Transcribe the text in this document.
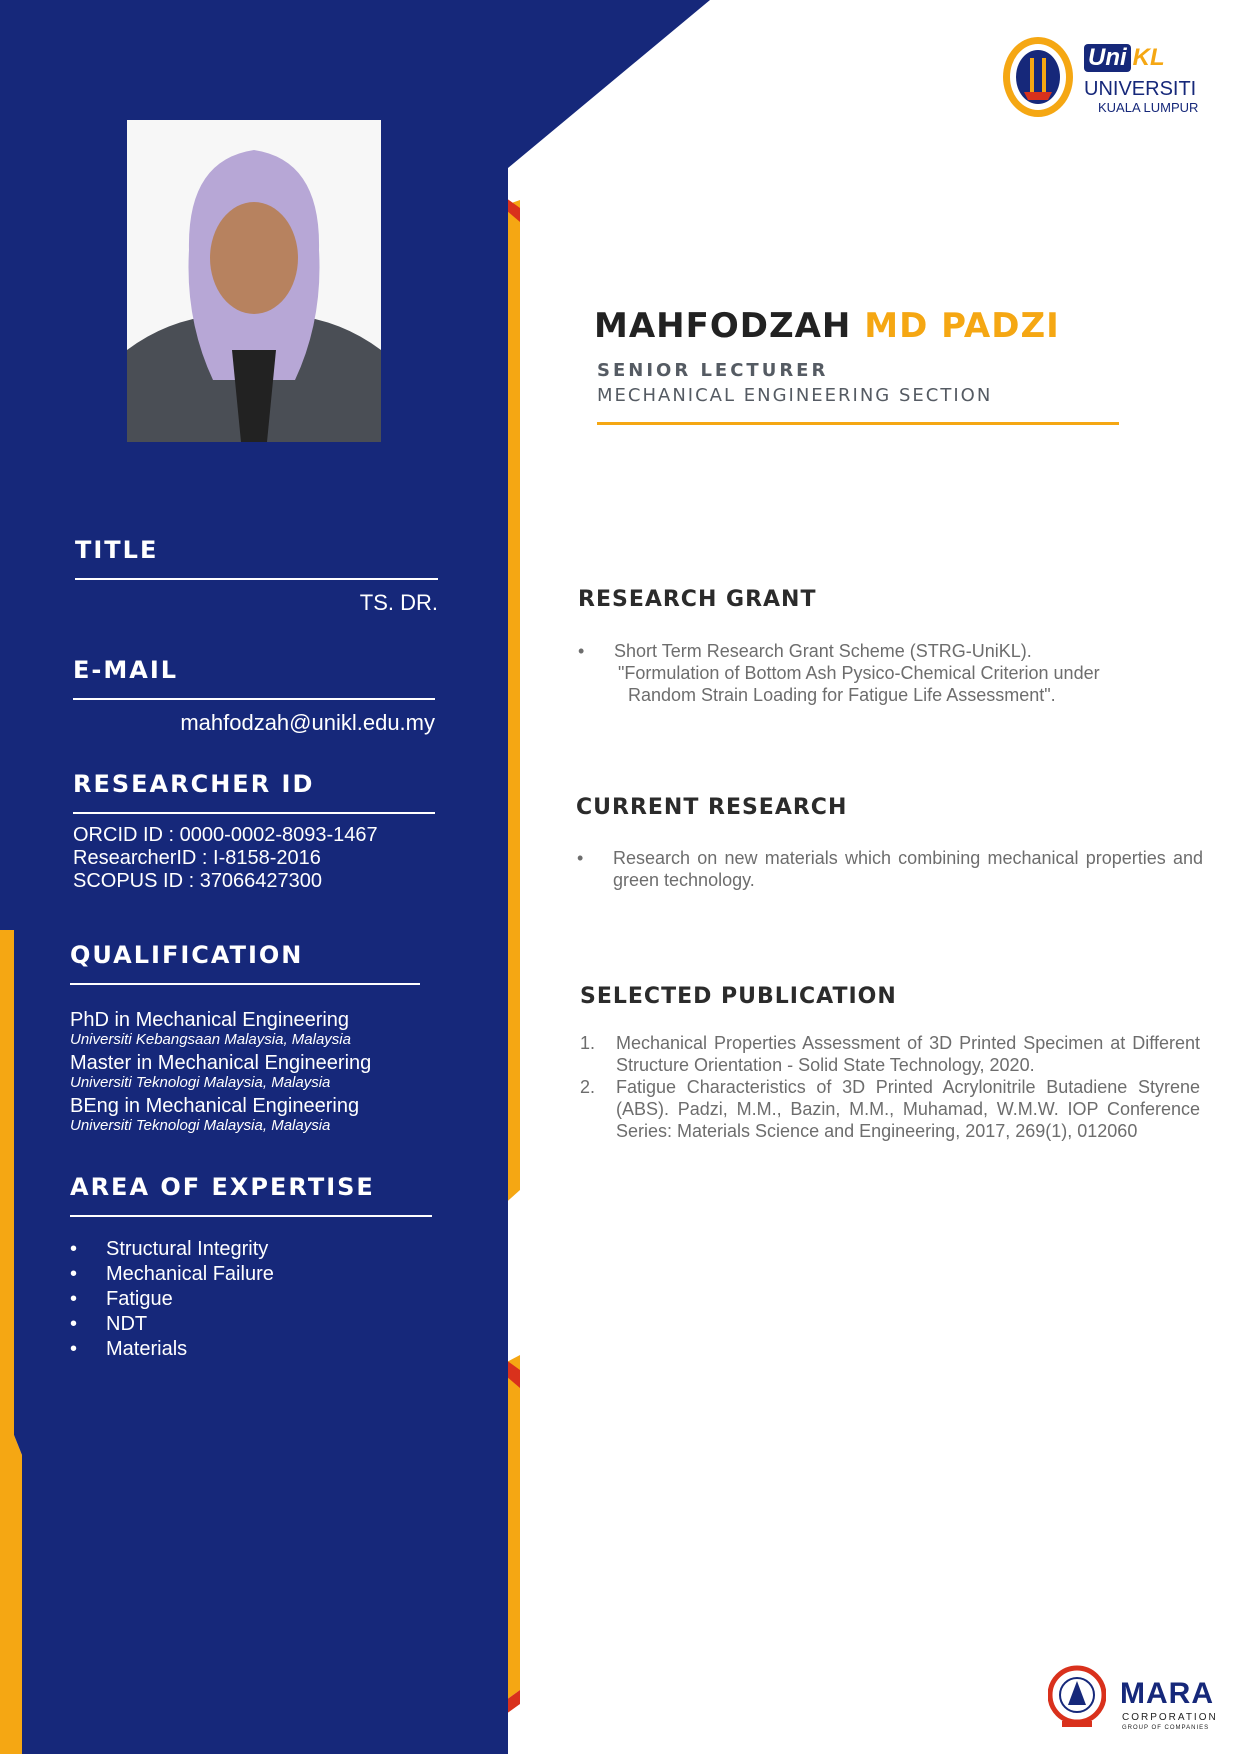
Uni KL
UNIVERSITI
KUALA LUMPUR
MAHFODZAH MD PADZI
SENIOR LECTURER
MECHANICAL ENGINEERING SECTION
TITLE
TS. DR.
E-MAIL
mahfodzah@unikl.edu.my
RESEARCHER ID
ORCID ID : 0000-0002-8093-1467
ResearcherID : I-8158-2016
SCOPUS ID : 37066427300
QUALIFICATION
PhD in Mechanical Engineering
Universiti Kebangsaan Malaysia, Malaysia
Master in Mechanical Engineering
Universiti Teknologi Malaysia, Malaysia
BEng in Mechanical Engineering
Universiti Teknologi Malaysia, Malaysia
AREA OF EXPERTISE
•	Structural Integrity
•	Mechanical Failure
•	Fatigue
•	NDT
•	Materials
RESEARCH GRANT
•	Short Term Research Grant Scheme (STRG-UniKL).
"Formulation of Bottom Ash Pysico-Chemical Criterion under
Random Strain Loading for Fatigue Life Assessment".
CURRENT RESEARCH
•	Research on new materials which combining mechanical properties and green technology.
SELECTED PUBLICATION
1.	Mechanical Properties Assessment of 3D Printed Specimen at Different Structure Orientation - Solid State Technology, 2020.
2.	Fatigue Characteristics of 3D Printed Acrylonitrile Butadiene Styrene (ABS). Padzi, M.M., Bazin, M.M., Muhamad, W.M.W. IOP Conference Series: Materials Science and Engineering, 2017, 269(1), 012060
MARA
CORPORATION
GROUP OF COMPANIES
